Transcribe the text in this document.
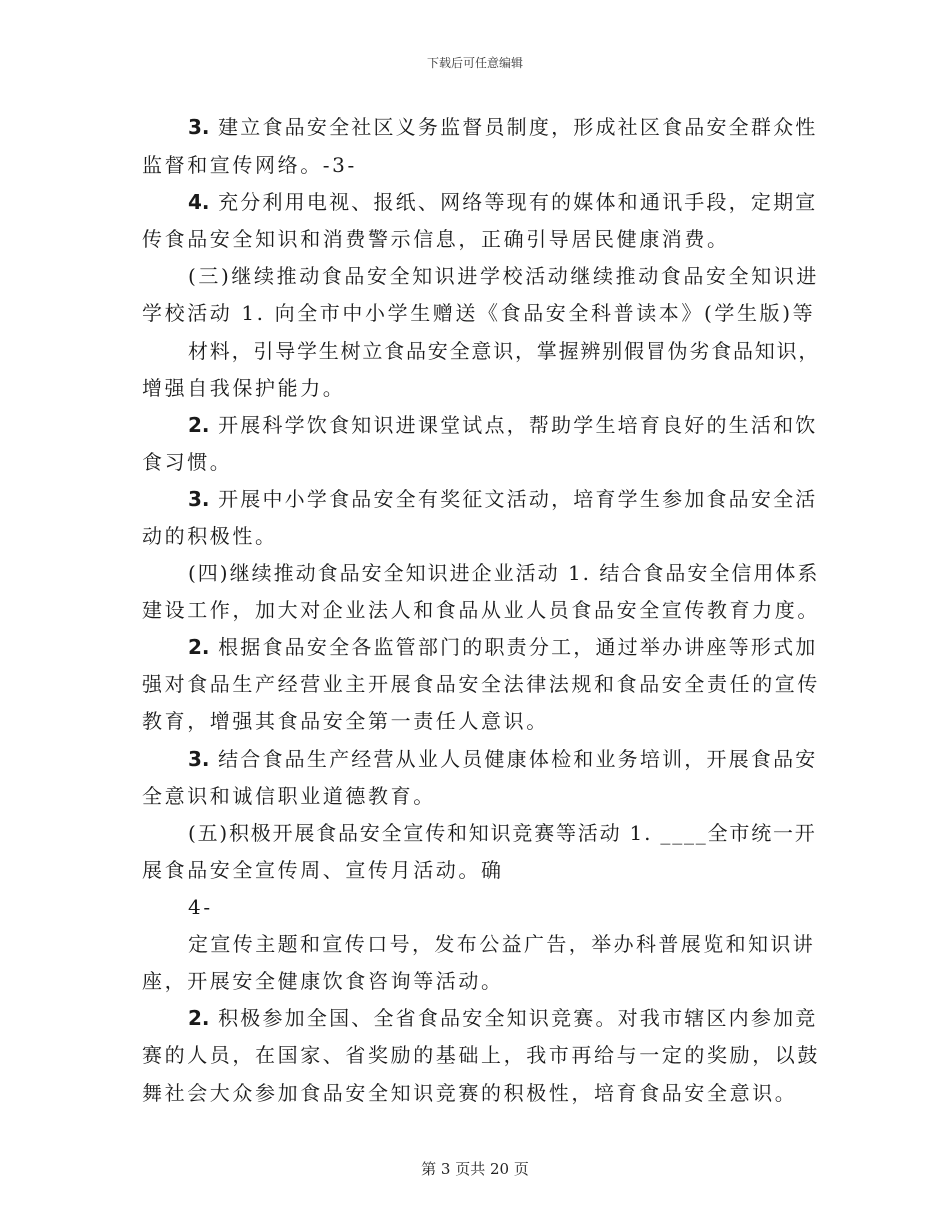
下载后可任意编辑
3. 建立食品安全社区义务监督员制度，形成社区食品安全群众性
监督和宣传网络。-3-
4. 充分利用电视、报纸、网络等现有的媒体和通讯手段，定期宣
传食品安全知识和消费警示信息，正确引导居民健康消费。
(三)继续推动食品安全知识进学校活动继续推动食品安全知识进
学校活动 1. 向全市中小学生赠送《食品安全科普读本》(学生版)等
材料，引导学生树立食品安全意识，掌握辨别假冒伪劣食品知识，
增强自我保护能力。
2. 开展科学饮食知识进课堂试点，帮助学生培育良好的生活和饮
食习惯。
3. 开展中小学食品安全有奖征文活动，培育学生参加食品安全活
动的积极性。
(四)继续推动食品安全知识进企业活动 1. 结合食品安全信用体系
建设工作，加大对企业法人和食品从业人员食品安全宣传教育力度。
2. 根据食品安全各监管部门的职责分工，通过举办讲座等形式加
强对食品生产经营业主开展食品安全法律法规和食品安全责任的宣传
教育，增强其食品安全第一责任人意识。
3. 结合食品生产经营从业人员健康体检和业务培训，开展食品安
全意识和诚信职业道德教育。
(五)积极开展食品安全宣传和知识竞赛等活动 1. ____全市统一开
展食品安全宣传周、宣传月活动。确
4-
定宣传主题和宣传口号，发布公益广告，举办科普展览和知识讲
座，开展安全健康饮食咨询等活动。
2. 积极参加全国、全省食品安全知识竞赛。对我市辖区内参加竞
赛的人员，在国家、省奖励的基础上，我市再给与一定的奖励，以鼓
舞社会大众参加食品安全知识竞赛的积极性，培育食品安全意识。
第 3 页共 20 页
